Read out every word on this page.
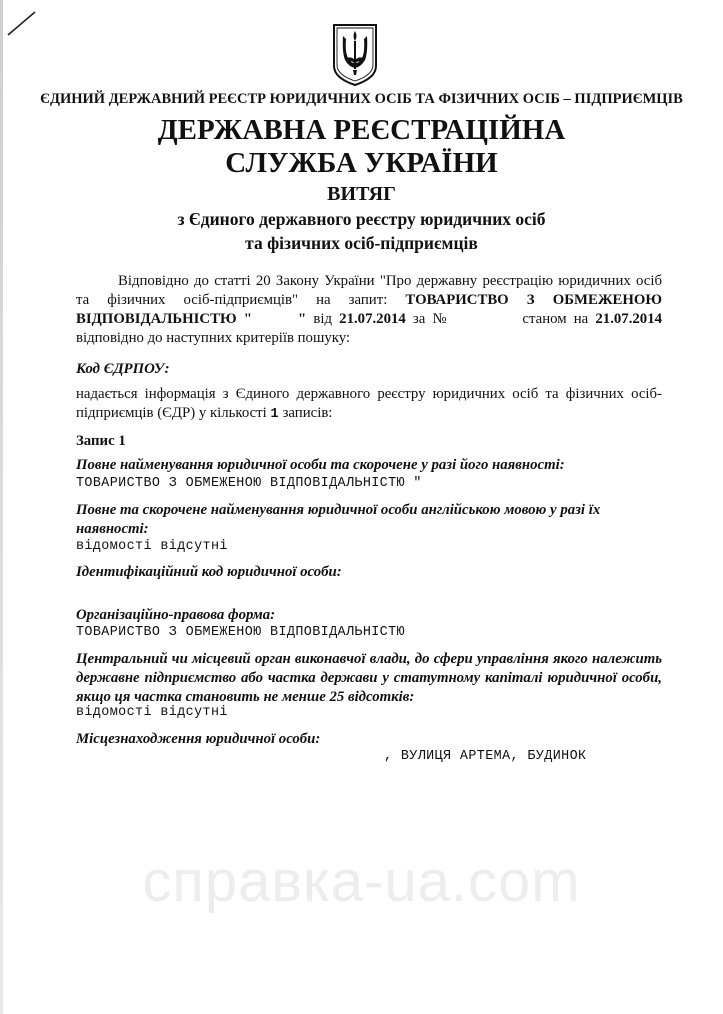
ЄДИНИЙ ДЕРЖАВНИЙ РЕЄСТР ЮРИДИЧНИХ ОСІБ ТА ФІЗИЧНИХ ОСІБ – ПІДПРИЄМЦІВ
ДЕРЖАВНА РЕЄСТРАЦІЙНА
СЛУЖБА УКРАЇНИ
ВИТЯГ
з Єдиного державного реєстру юридичних осіб
та фізичних осіб-підприємців
Відповідно до статті 20 Закону України "Про державну реєстрацію юридичних осіб та фізичних осіб-підприємців" на запит: ТОВАРИСТВО З ОБМЕЖЕНОЮ ВІДПОВІДАЛЬНІСТЮ "	" від 21.07.2014 за №	станом на 21.07.2014 відповідно до наступних критеріїв пошуку:
Код ЄДРПОУ:
надається інформація з Єдиного державного реєстру юридичних осіб та фізичних осіб-підприємців (ЄДР) у кількості 1 записів:
Запис 1
Повне найменування юридичної особи та скорочене у разі його наявності:
ТОВАРИСТВО З ОБМЕЖЕНОЮ ВІДПОВІДАЛЬНІСТЮ "
Повне та скорочене найменування юридичної особи англійською мовою у разі їх наявності:
відомості відсутні
Ідентифікаційний код юридичної особи:
Організаційно-правова форма:
ТОВАРИСТВО З ОБМЕЖЕНОЮ ВІДПОВІДАЛЬНІСТЮ
Центральний чи місцевий орган виконавчої влади, до сфери управління якого належить державне підприємство або частка держави у статутному капіталі юридичної особи, якщо ця частка становить не менше 25 відсотків:
відомості відсутні
Місцезнаходження юридичної особи:
, ВУЛИЦЯ АРТЕМА, БУДИНОК
справка-ua.com
